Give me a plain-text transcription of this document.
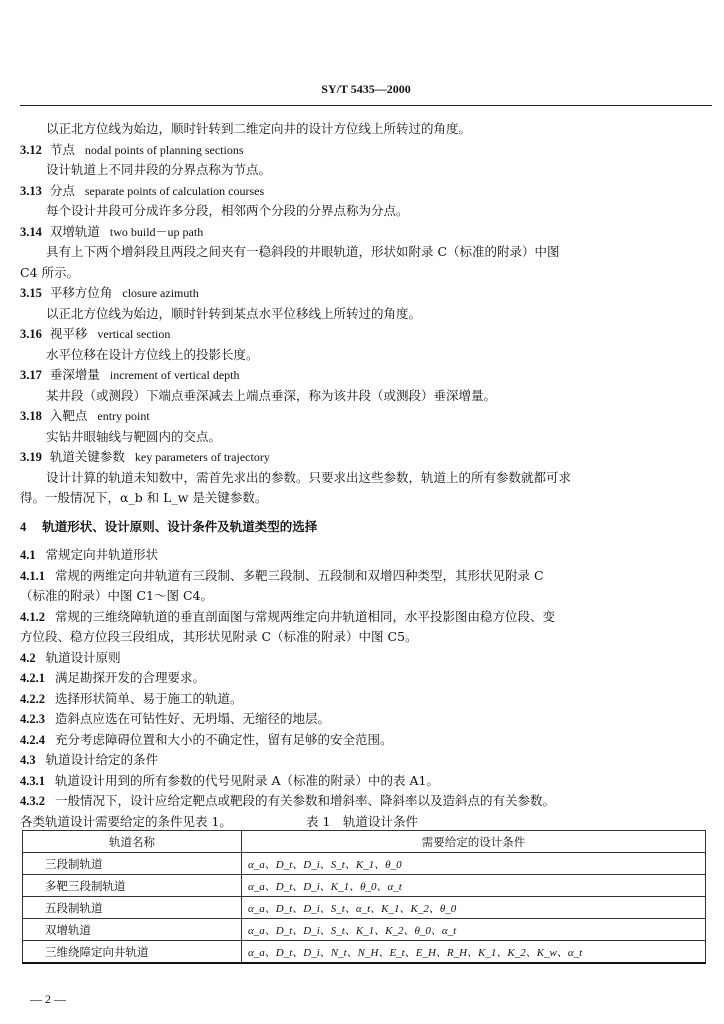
SY/T 5435—2000
以正北方位线为始边，顺时针转到二维定向井的设计方位线上所转过的角度。
3.12 节点 nodal points of planning sections
设计轨道上不同井段的分界点称为节点。
3.13 分点 separate points of calculation courses
每个设计井段可分成许多分段，相邻两个分段的分界点称为分点。
3.14 双增轨道 two build－up path
具有上下两个增斜段且两段之间夹有一稳斜段的井眼轨道，形状如附录 C（标准的附录）中图
C4 所示。
3.15 平移方位角 closure azimuth
以正北方位线为始边，顺时针转到某点水平位移线上所转过的角度。
3.16 视平移 vertical section
水平位移在设计方位线上的投影长度。
3.17 垂深增量 increment of vertical depth
某井段（或测段）下端点垂深减去上端点垂深，称为该井段（或测段）垂深增量。
3.18 入靶点 entry point
实钻井眼轴线与靶圆内的交点。
3.19 轨道关键参数 key parameters of trajectory
设计计算的轨道未知数中，需首先求出的参数。只要求出这些参数，轨道上的所有参数就都可求
得。一般情况下，α_b 和 L_w 是关键参数。
4 轨道形状、设计原则、设计条件及轨道类型的选择
4.1 常规定向井轨道形状
4.1.1 常规的两维定向井轨道有三段制、多靶三段制、五段制和双增四种类型，其形状见附录 C
（标准的附录）中图 C1～图 C4。
4.1.2 常规的三维绕障轨道的垂直剖面图与常规两维定向井轨道相同，水平投影图由稳方位段、变
方位段、稳方位段三段组成，其形状见附录 C（标准的附录）中图 C5。
4.2 轨道设计原则
4.2.1 满足勘探开发的合理要求。
4.2.2 选择形状简单、易于施工的轨道。
4.2.3 造斜点应选在可钻性好、无坍塌、无缩径的地层。
4.2.4 充分考虑障碍位置和大小的不确定性，留有足够的安全范围。
4.3 轨道设计给定的条件
4.3.1 轨道设计用到的所有参数的代号见附录 A（标准的附录）中的表 A1。
4.3.2 一般情况下，设计应给定靶点或靶段的有关参数和增斜率、降斜率以及造斜点的有关参数。
各类轨道设计需要给定的条件见表 1。	表 1　轨道设计条件
轨道名称	需要给定的设计条件
三段制轨道	α_a、D_t、D_i、S_t、K_1、θ_0
多靶三段制轨道	α_a、D_t、D_i、K_1、θ_0、α_t
五段制轨道	α_a、D_t、D_i、S_t、α_t、K_1、K_2、θ_0
双增轨道	α_a、D_t、D_i、S_t、K_1、K_2、θ_0、α_t
三维绕障定向井轨道	α_a、D_t、D_i、N_t、N_H、E_t、E_H、R_H、K_1、K_2、K_w、α_t
— 2 —
